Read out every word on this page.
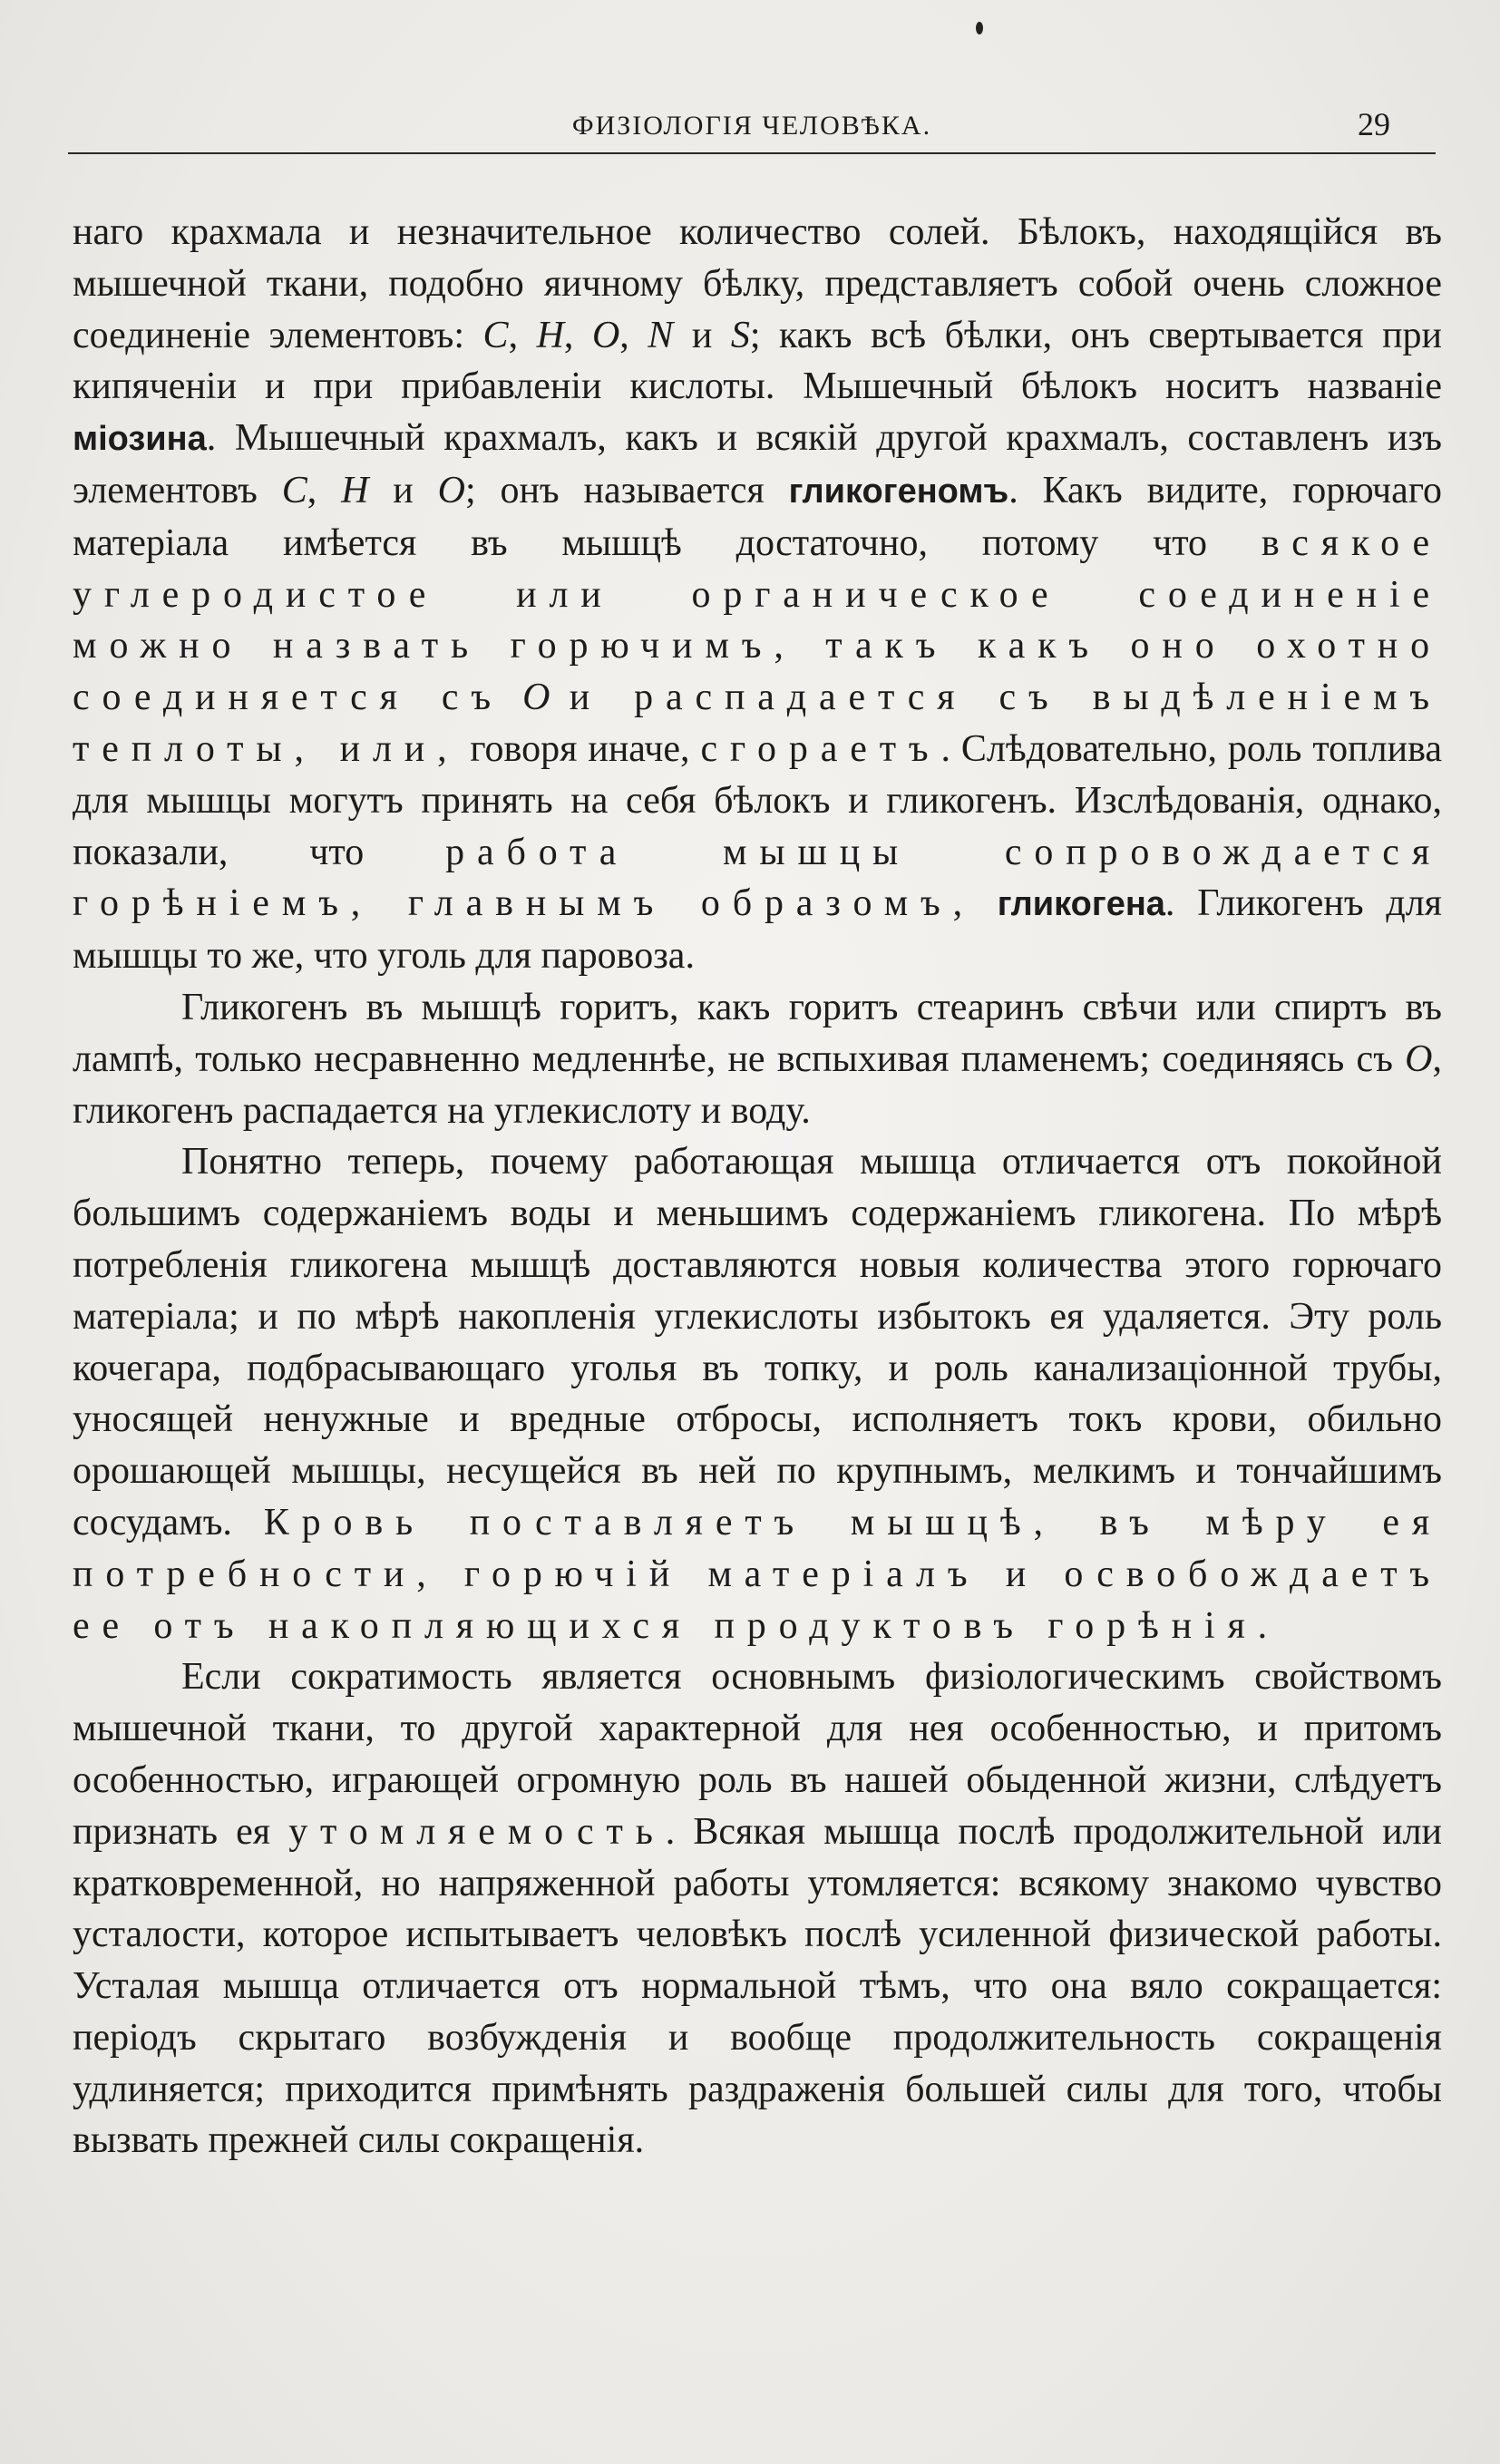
ФИЗІОЛОГІЯ ЧЕЛОВѢКА.	29

наго крахмала и незначительное количество солей. Бѣлокъ, находящійся въ мышечной ткани, подобно яичному бѣлку, представляетъ собой очень сложное соединеніе элементовъ: C, H, O, N и S; какъ всѣ бѣлки, онъ свертывается при кипяченіи и при прибавленіи кислоты. Мышечный бѣлокъ носитъ названіе міозина. Мышечный крахмалъ, какъ и всякій другой крахмалъ, составленъ изъ элементовъ C, H и O; онъ называется гликогеномъ. Какъ видите, горючаго матеріала имѣется въ мышцѣ достаточно, потому что всякое углеродистое или органическое соединеніе можно назвать горючимъ, такъ какъ оно охотно соединяется съ O и распадается съ выдѣленіемъ теплоты, или, говоря иначе, сгораетъ. Слѣдовательно, роль топлива для мышцы могутъ принять на себя бѣлокъ и гликогенъ. Изслѣдованія, однако, показали, что работа мышцы сопровождается горѣніемъ, главнымъ образомъ, гликогена. Гликогенъ для мышцы то же, что уголь для паровоза.

Гликогенъ въ мышцѣ горитъ, какъ горитъ стеаринъ свѣчи или спиртъ въ лампѣ, только несравненно медленнѣе, не вспыхивая пламенемъ; соединяясь съ O, гликогенъ распадается на углекислоту и воду.

Понятно теперь, почему работающая мышца отличается отъ покойной большимъ содержаніемъ воды и меньшимъ содержаніемъ гликогена. По мѣрѣ потребленія гликогена мышцѣ доставляются новыя количества этого горючаго матеріала; и по мѣрѣ накопленія углекислоты избытокъ ея удаляется. Эту роль кочегара, подбрасывающаго уголья въ топку, и роль канализаціонной трубы, уносящей ненужные и вредные отбросы, исполняетъ токъ крови, обильно орошающей мышцы, несущейся въ ней по крупнымъ, мелкимъ и тончайшимъ сосудамъ. Кровь поставляетъ мышцѣ, въ мѣру ея потребности, горючій матеріалъ и освобождаетъ ее отъ накопляющихся продуктовъ горѣнія.

Если сократимость является основнымъ физіологическимъ свойствомъ мышечной ткани, то другой характерной для нея особенностью, и притомъ особенностью, играющей огромную роль въ нашей обыденной жизни, слѣдуетъ признать ея утомляемость. Всякая мышца послѣ продолжительной или кратковременной, но напряженной работы утомляется: всякому знакомо чувство усталости, которое испытываетъ человѣкъ послѣ усиленной физической работы. Усталая мышца отличается отъ нормальной тѣмъ, что она вяло сокращается: періодъ скрытаго возбужденія и вообще продолжительность сокращенія удлиняется; приходится примѣнять раздраженія большей силы для того, чтобы вызвать прежней силы сокращенія.
